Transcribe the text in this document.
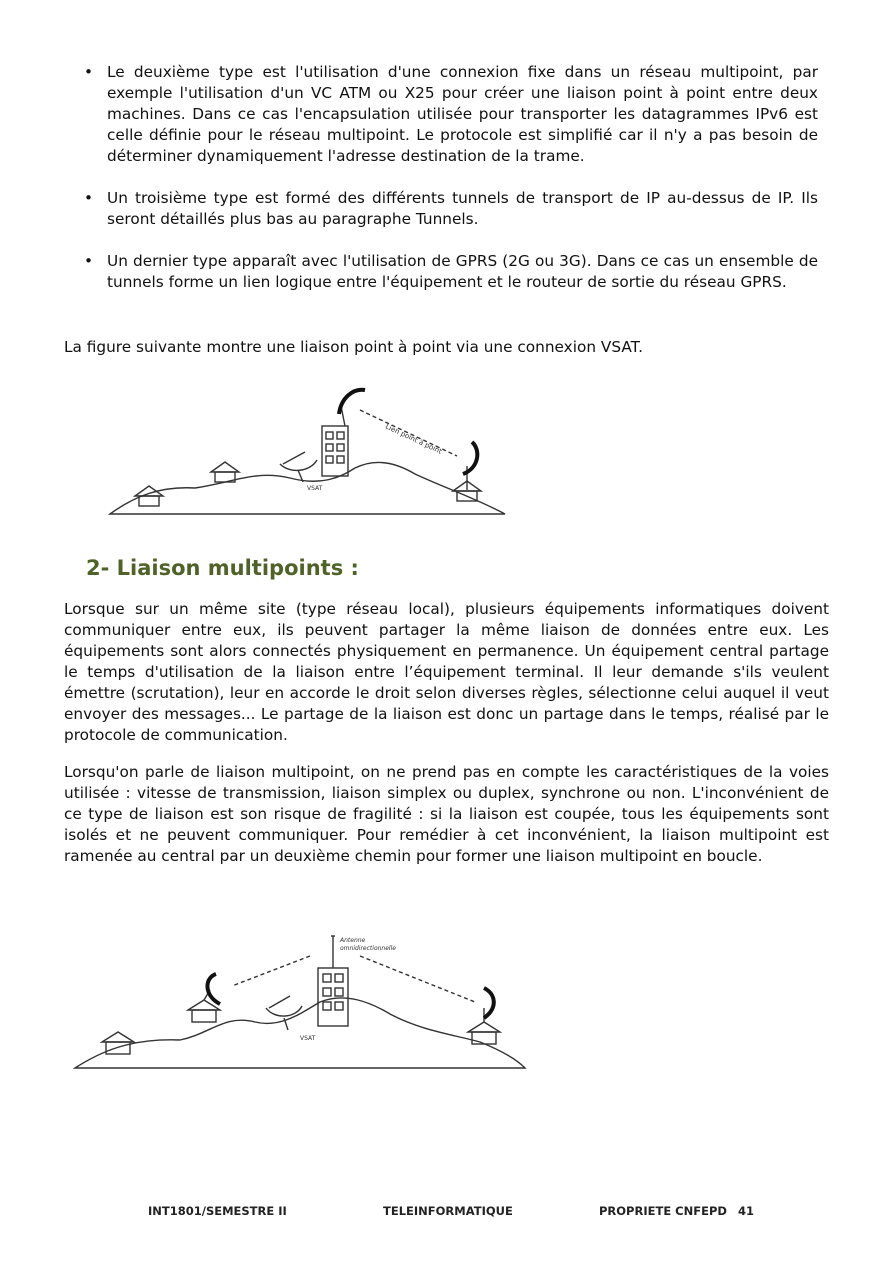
• Le deuxième type est l'utilisation d'une connexion fixe dans un réseau multipoint, par exemple l'utilisation d'un VC ATM ou X25 pour créer une liaison point à point entre deux machines. Dans ce cas l'encapsulation utilisée pour transporter les datagrammes IPv6 est celle définie pour le réseau multipoint. Le protocole est simplifié car il n'y a pas besoin de déterminer dynamiquement l'adresse destination de la trame.
• Un troisième type est formé des différents tunnels de transport de IP au-dessus de IP. Ils seront détaillés plus bas au paragraphe Tunnels.
• Un dernier type apparaît avec l'utilisation de GPRS (2G ou 3G). Dans ce cas un ensemble de tunnels forme un lien logique entre l'équipement et le routeur de sortie du réseau GPRS.

La figure suivante montre une liaison point à point via une connexion VSAT.

Lien point à point
VSAT
2- Liaison multipoints :

Lorsque sur un même site (type réseau local), plusieurs équipements informatiques doivent communiquer entre eux, ils peuvent partager la même liaison de données entre eux. Les équipements sont alors connectés physiquement en permanence. Un équipement central partage le temps d'utilisation de la liaison entre l’équipement terminal. Il leur demande s'ils veulent émettre (scrutation), leur en accorde le droit selon diverses règles, sélectionne celui auquel il veut envoyer des messages... Le partage de la liaison est donc un partage dans le temps, réalisé par le protocole de communication.

Lorsqu'on parle de liaison multipoint, on ne prend pas en compte les caractéristiques de la voies utilisée : vitesse de transmission, liaison simplex ou duplex, synchrone ou non. L'inconvénient de ce type de liaison est son risque de fragilité : si la liaison est coupée, tous les équipements sont isolés et ne peuvent communiquer. Pour remédier à cet inconvénient, la liaison multipoint est ramenée au central par un deuxième chemin pour former une liaison multipoint en boucle.

Antenne
omnidirectionnelle
VSAT
INT1801/SEMESTRE II	TELEINFORMATIQUE	PROPRIETE CNFEPD 41
